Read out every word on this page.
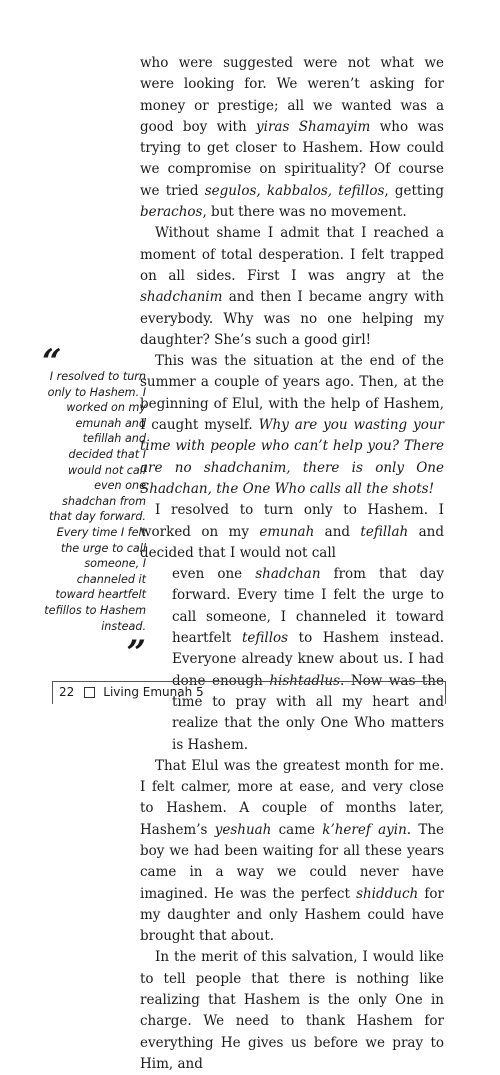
who were suggested were not what we were looking for. We weren’t asking for money or prestige; all we wanted was a good boy with yiras Shamayim who was trying to get closer to Hashem. How could we compromise on spirituality? Of course we tried segulos, kabbalos, tefillos, getting berachos, but there was no movement.

Without shame I admit that I reached a moment of total desperation. I felt trapped on all sides. First I was angry at the shadchanim and then I became angry with everybody. Why was no one helping my daughter? She’s such a good girl!

This was the situation at the end of the summer a couple of years ago. Then, at the beginning of Elul, with the help of Hashem, I caught myself. Why are you wasting your time with people who can’t help you? There are no shadchanim, there is only One Shadchan, the One Who calls all the shots!

I resolved to turn only to Hashem. I worked on my emunah and tefillah and decided that I would not call

even one shadchan from that day forward. Every time I felt the urge to call someone, I channeled it toward heartfelt tefillos to Hashem instead. Everyone already knew about us. I had done enough hishtadlus. Now was the time to pray with all my heart and realize that the only One Who matters is Hashem.

That Elul was the greatest month for me. I felt calmer, more at ease, and very close to Hashem. A couple of months later, Hashem’s yeshuah came k’heref ayin. The boy we had been waiting for all these years came in a way we could never have imagined. He was the perfect shidduch for my daughter and only Hashem could have brought that about.

In the merit of this salvation, I would like to tell people that there is nothing like realizing that Hashem is the only One in charge. We need to thank Hashem for everything He gives us before we pray to Him, and

“
I resolved to turn only to Hashem. I worked on my emunah and tefillah and decided that I would not call even one shadchan from that day forward. Every time I felt the urge to call someone, I channeled it toward heartfelt tefillos to Hashem instead.
”
22 Living Emunah 5
